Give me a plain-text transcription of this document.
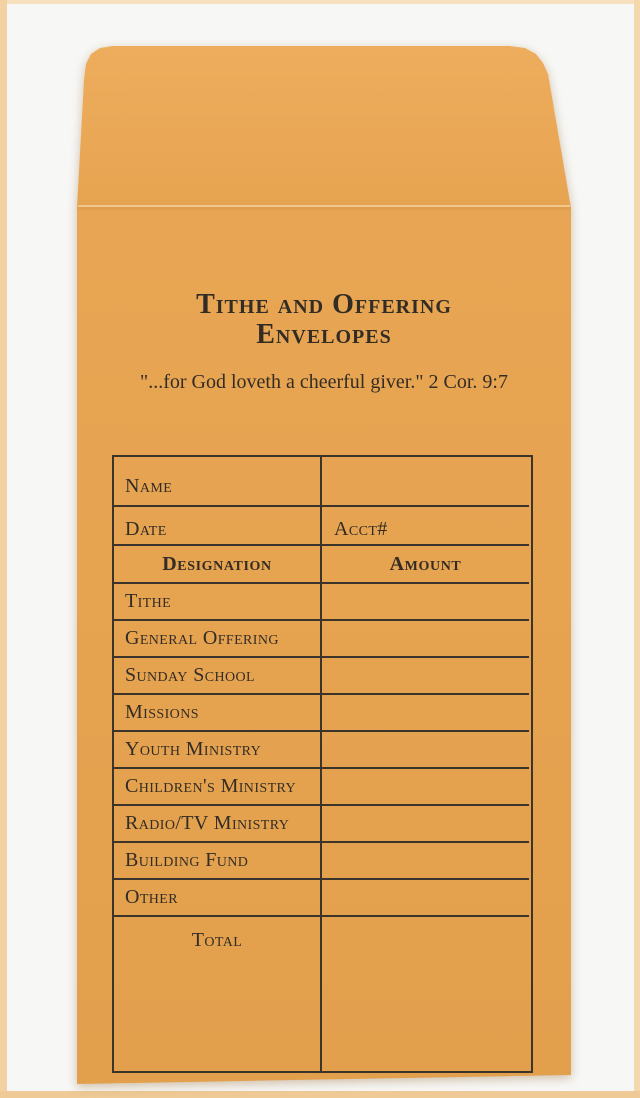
Tithe and Offering
Envelopes
"...for God loveth a cheerful giver." 2 Cor. 9:7
Name
Date	Acct#
Designation	Amount
Tithe
General Offering
Sunday School
Missions
Youth Ministry
Children's Ministry
Radio/TV Ministry
Building Fund
Other
Total
